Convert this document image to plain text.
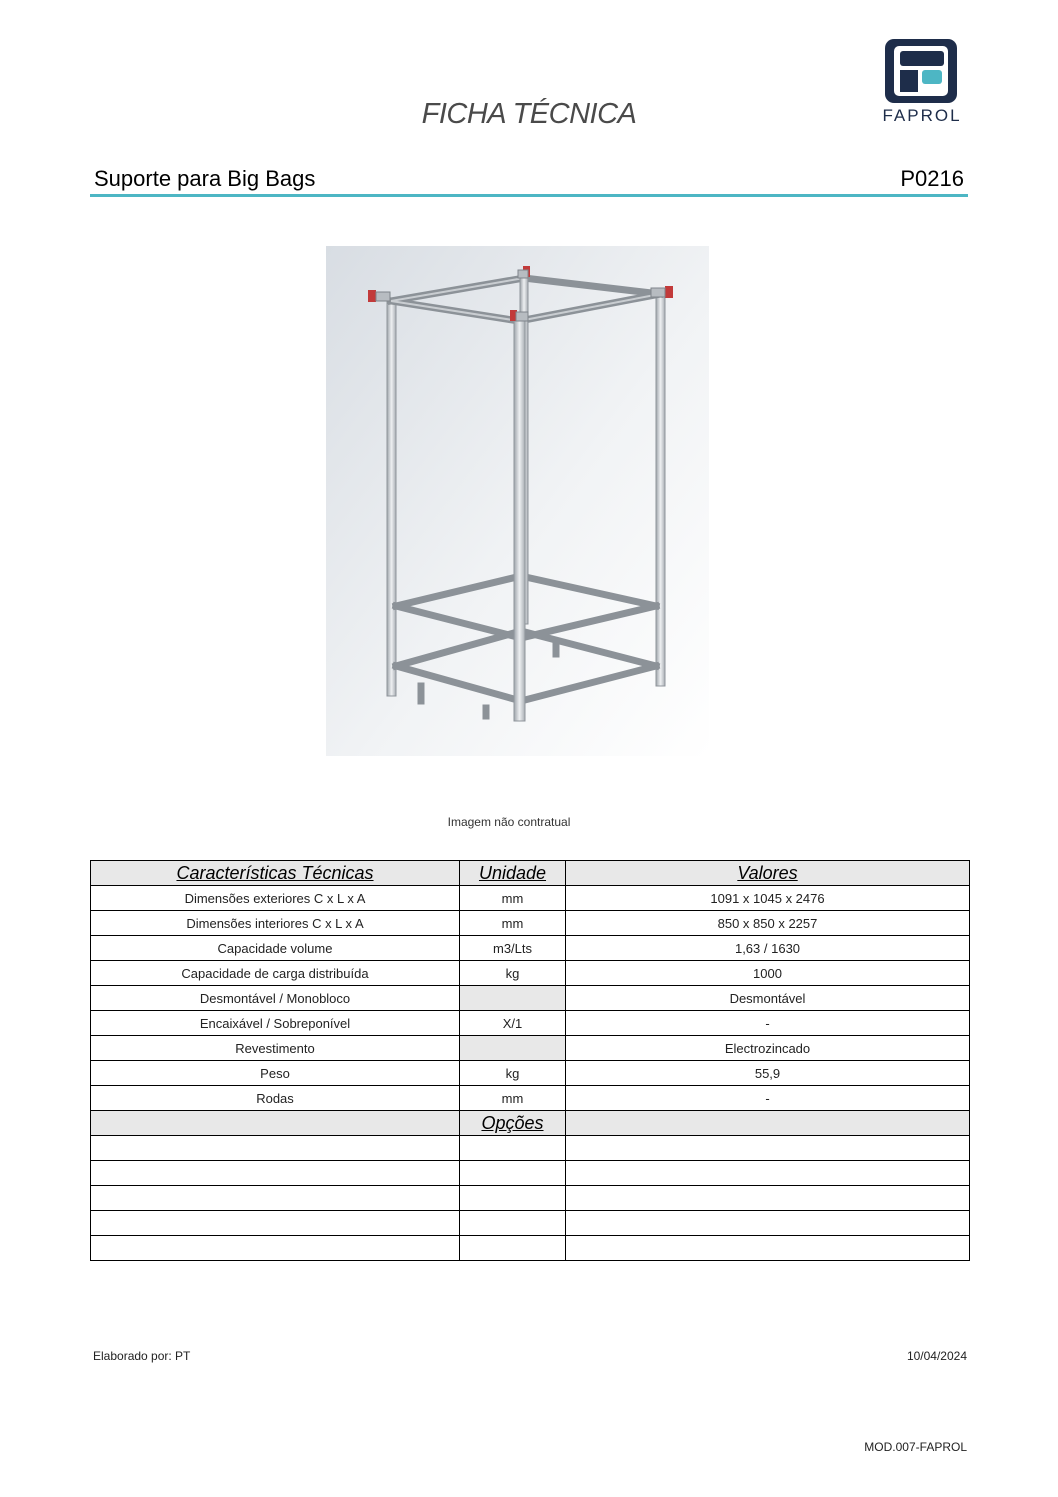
FICHA TÉCNICA	FAPROL
Suporte para Big Bags	P0216
Imagem não contratual
Características Técnicas	Unidade	Valores
Dimensões exteriores C x L x A	mm	1091 x 1045 x 2476
Dimensões interiores C x L x A	mm	850 x 850 x 2257
Capacidade volume	m3/Lts	1,63 / 1630
Capacidade de carga distribuída	kg	1000
Desmontável / Monobloco		Desmontável
Encaixável / Sobreponível	X/1	-
Revestimento		Electrozincado
Peso	kg	55,9
Rodas	mm	-
	Opções	

Elaborado por: PT	10/04/2024
MOD.007-FAPROL
